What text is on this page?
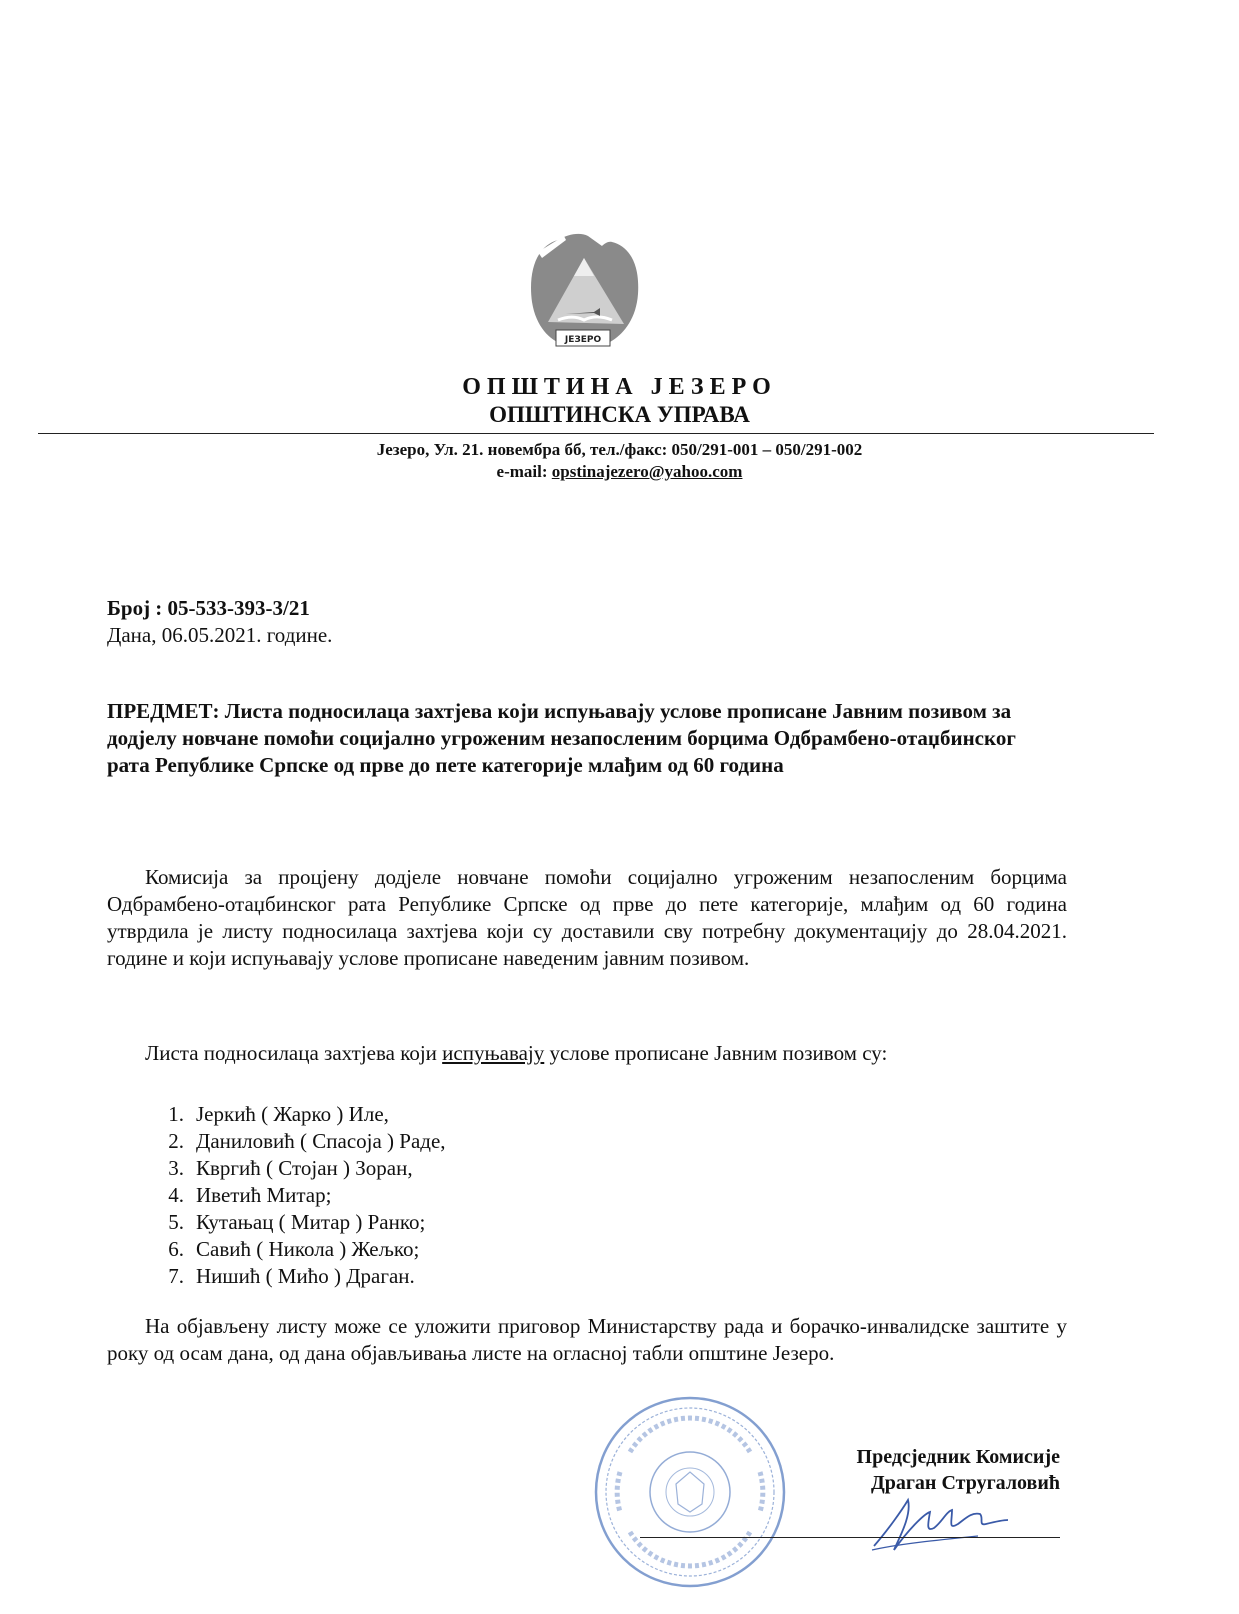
ЈЕЗЕРО
ОПШТИНА ЈЕЗЕРО
ОПШТИНСКА УПРАВА
Језеро, Ул. 21. новембра бб, тел./факс: 050/291-001 – 050/291-002
e-mail: opstinajezero@yahoo.com
Број : 05-533-393-3/21
Дана, 06.05.2021. године.
ПРЕДМЕТ: Листа подносилаца захтјева који испуњавају услове прописане Јавним позивом за додјелу новчане помоћи социјално угроженим незапосленим борцима Одбрамбено-отаџбинског рата Републике Српске од прве до пете категорије млађим од 60 година
Комисија за процјену додјеле новчане помоћи социјално угроженим незапосленим борцима Одбрамбено-отаџбинског рата Републике Српске од прве до пете категорије, млађим од 60 година утврдила је листу подносилаца захтјева који су доставили сву потребну документацију до 28.04.2021. године и који испуњавају услове прописане наведеним јавним позивом.
Листа подносилаца захтјева који испуњавају услове прописане Јавним позивом су:
1. Јеркић ( Жарко ) Иле,
2. Даниловић ( Спасоја ) Раде,
3. Квргић ( Стојан ) Зоран,
4. Иветић Митар;
5. Кутањац ( Митар ) Ранко;
6. Савић ( Никола ) Жељко;
7. Нишић ( Мићо ) Драган.
На објављену листу може се уложити приговор Министарству рада и борачко-инвалидске заштите у року од осам дана, од дана објављивања листе на огласној табли општине Језеро.
Предсједник Комисије
Драган Стругаловић
